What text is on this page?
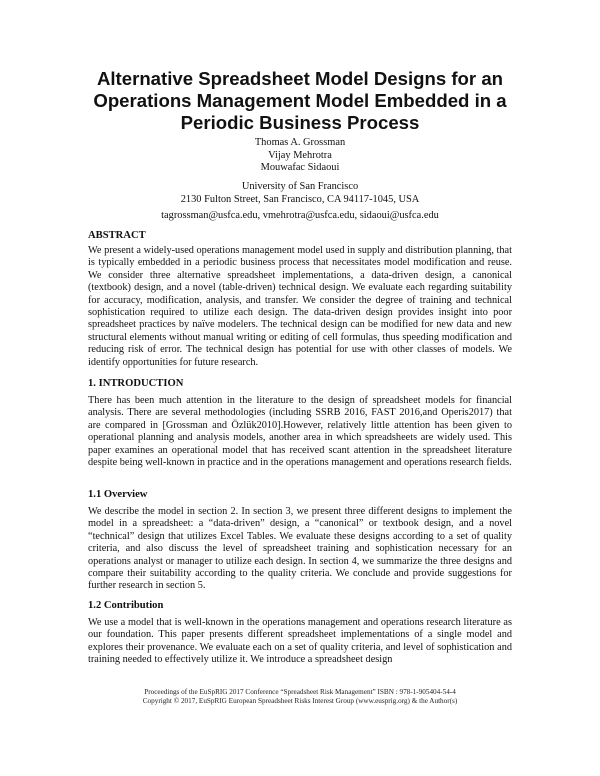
Alternative Spreadsheet Model Designs for an Operations Management Model Embedded in a Periodic Business Process
Thomas A. Grossman
Vijay Mehrotra
Mouwafac Sidaoui
University of San Francisco
2130 Fulton Street, San Francisco, CA 94117-1045, USA
tagrossman@usfca.edu, vmehrotra@usfca.edu, sidaoui@usfca.edu

ABSTRACT

We present a widely-used operations management model used in supply and distribution planning, that is typically embedded in a periodic business process that necessitates model modification and reuse. We consider three alternative spreadsheet implementations, a data-driven design, a canonical (textbook) design, and a novel (table-driven) technical design. We evaluate each regarding suitability for accuracy, modification, analysis, and transfer. We consider the degree of training and technical sophistication required to utilize each design. The data-driven design provides insight into poor spreadsheet practices by naïve modelers. The technical design can be modified for new data and new structural elements without manual writing or editing of cell formulas, thus speeding modification and reducing risk of error. The technical design has potential for use with other classes of models. We identify opportunities for future research.

1. INTRODUCTION

There has been much attention in the literature to the design of spreadsheet models for financial analysis. There are several methodologies (including SSRB 2016, FAST 2016,and Operis2017) that are compared in [Grossman and Özlük2010].However, relatively little attention has been given to operational planning and analysis models, another area in which spreadsheets are widely used. This paper examines an operational model that has received scant attention in the spreadsheet literature despite being well-known in practice and in the operations management and operations research fields.

1.1 Overview

We describe the model in section 2. In section 3, we present three different designs to implement the model in a spreadsheet: a “data-driven” design, a “canonical” or textbook design, and a novel “technical” design that utilizes Excel Tables. We evaluate these designs according to a set of quality criteria, and also discuss the level of spreadsheet training and sophistication necessary for an operations analyst or manager to utilize each design. In section 4, we summarize the three designs and compare their suitability according to the quality criteria. We conclude and provide suggestions for further research in section 5.

1.2 Contribution

We use a model that is well-known in the operations management and operations research literature as our foundation. This paper presents different spreadsheet implementations of a single model and explores their provenance. We evaluate each on a set of quality criteria, and level of sophistication and training needed to effectively utilize it. We introduce a spreadsheet design

Proceedings of the EuSpRIG 2017 Conference “Spreadsheet Risk Management” ISBN : 978-1-905404-54-4
Copyright © 2017, EuSpRIG European Spreadsheet Risks Interest Group (www.eusprig.org) & the Author(s)
